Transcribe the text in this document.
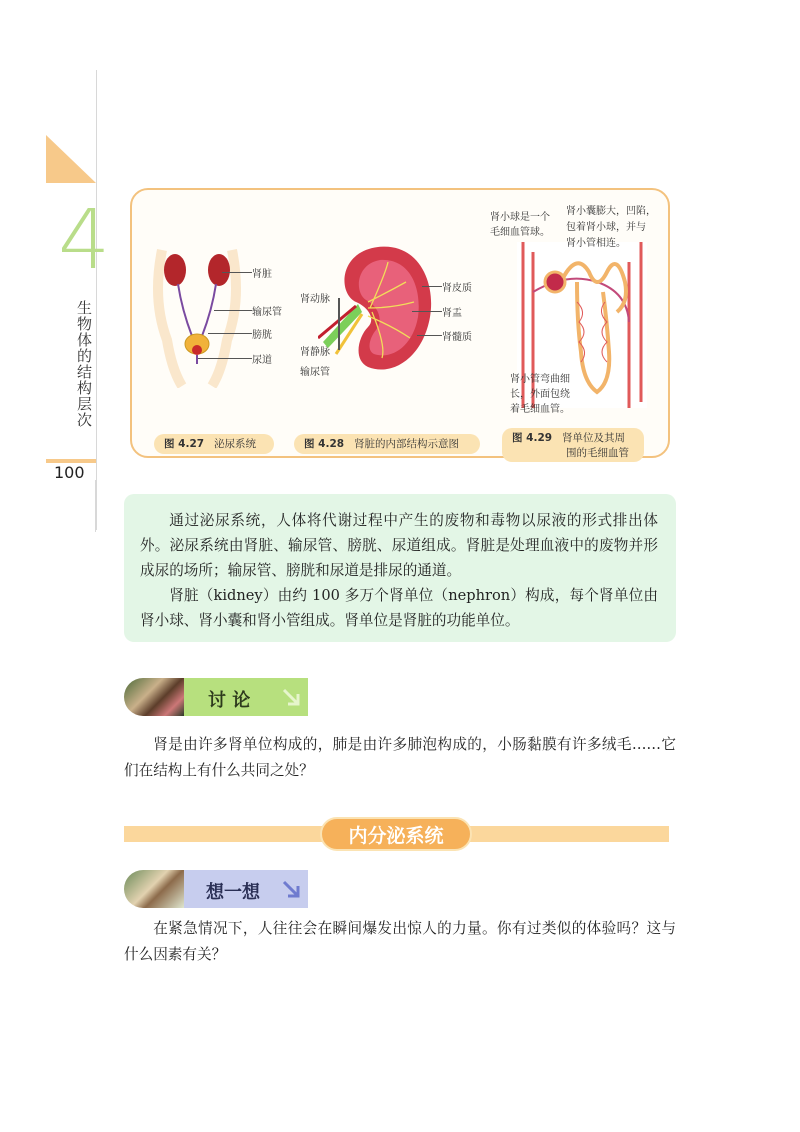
4
生物体的结构层次
100
肾脏
输尿管
膀胱
尿道
肾动脉
肾静脉
输尿管
肾皮质
肾盂
肾髓质
肾小球是一个
毛细血管球。
肾小囊膨大，凹陷，
包着肾小球，并与
肾小管相连。
肾小管弯曲细
长，外面包绕
着毛细血管。
图 4.27 泌尿系统	图 4.28 肾脏的内部结构示意图	图 4.29 肾单位及其周
围的毛细血管

通过泌尿系统，人体将代谢过程中产生的废物和毒物以尿液的形式排出体外。泌尿系统由肾脏、输尿管、膀胱、尿道组成。肾脏是处理血液中的废物并形成尿的场所；输尿管、膀胱和尿道是排尿的通道。

肾脏（kidney）由约 100 多万个肾单位（nephron）构成，每个肾单位由肾小球、肾小囊和肾小管组成。肾单位是肾脏的功能单位。

讨 论

肾是由许多肾单位构成的，肺是由许多肺泡构成的，小肠黏膜有许多绒毛……它们在结构上有什么共同之处？

内分泌系统
想一想

在紧急情况下，人往往会在瞬间爆发出惊人的力量。你有过类似的体验吗？这与什么因素有关？
